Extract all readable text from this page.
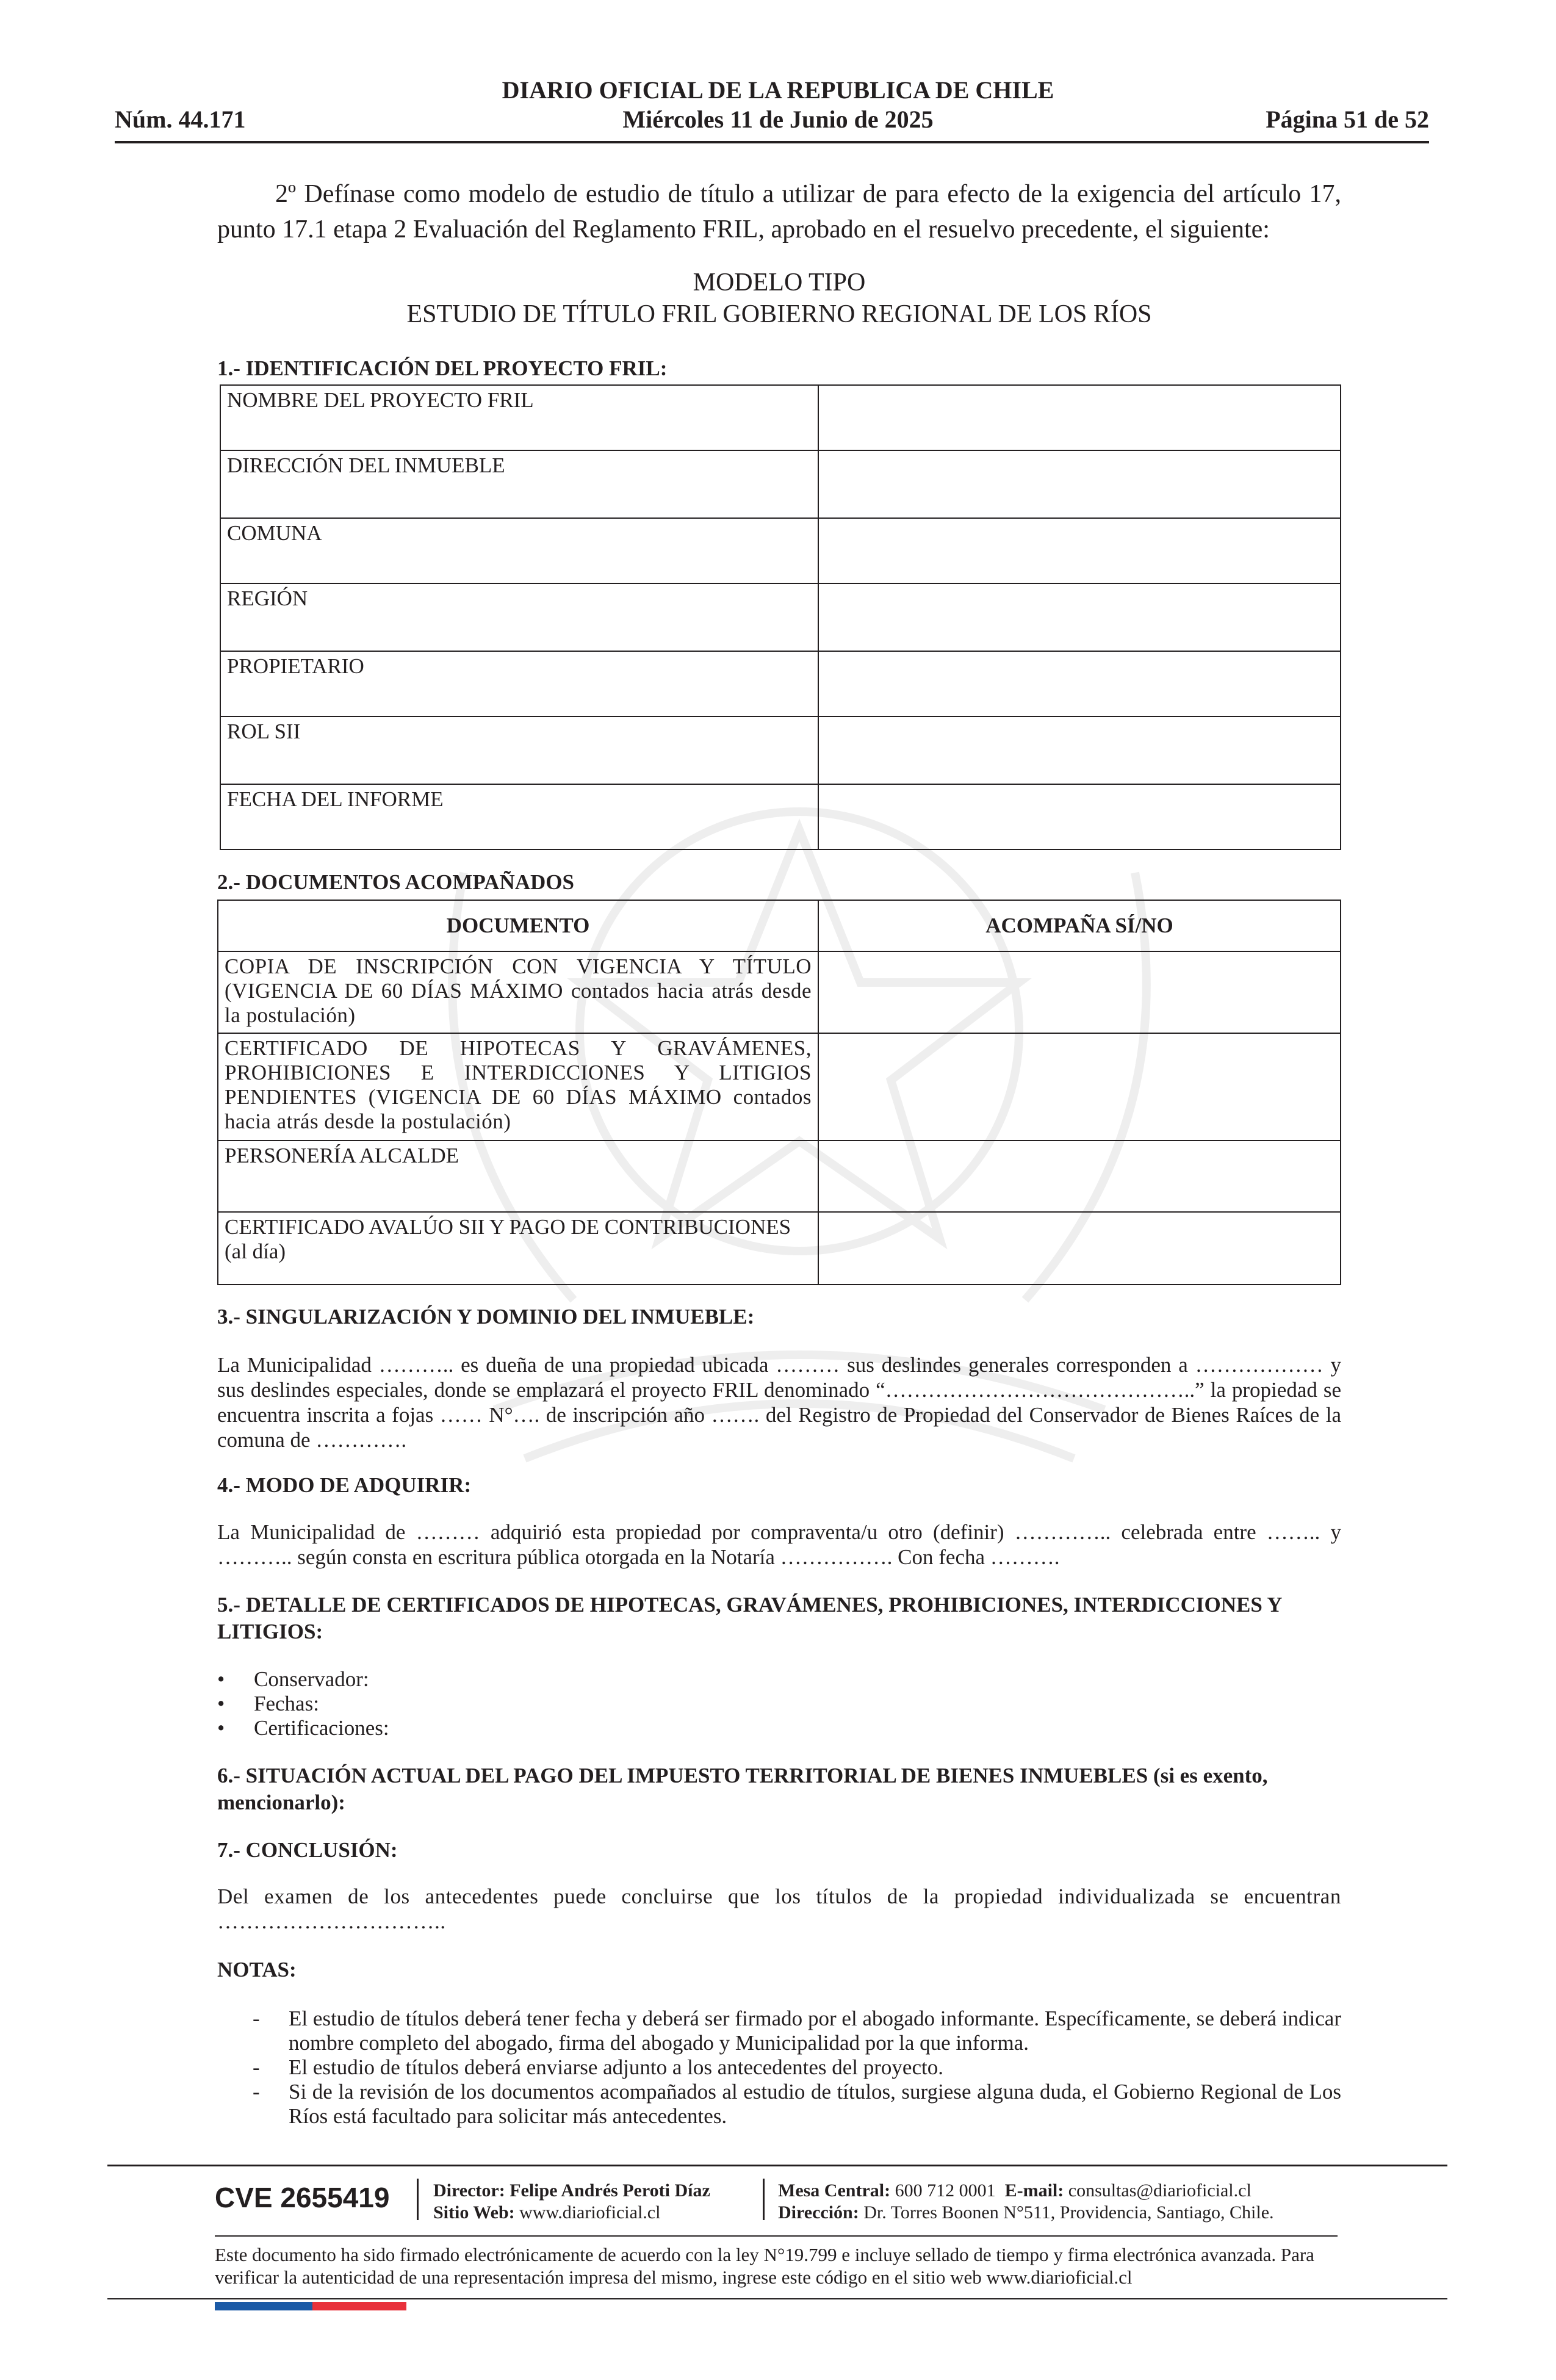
Núm. 44.171
DIARIO OFICIAL DE LA REPUBLICA DE CHILE
Miércoles 11 de Junio de 2025	Página 51 de 52
2º Defínase como modelo de estudio de título a utilizar de para efecto de la exigencia del artículo 17, punto 17.1 etapa 2 Evaluación del Reglamento FRIL, aprobado en el resuelvo precedente, el siguiente:
MODELO TIPO
ESTUDIO DE TÍTULO FRIL GOBIERNO REGIONAL DE LOS RÍOS
1.- IDENTIFICACIÓN DEL PROYECTO FRIL:
NOMBRE DEL PROYECTO FRIL	
DIRECCIÓN DEL INMUEBLE	
COMUNA	
REGIÓN	
PROPIETARIO	
ROL SII	
FECHA DEL INFORME	
2.- DOCUMENTOS ACOMPAÑADOS
DOCUMENTO	ACOMPAÑA SÍ/NO
COPIA DE INSCRIPCIÓN CON VIGENCIA Y TÍTULO (VIGENCIA DE 60 DÍAS MÁXIMO contados hacia atrás desde la postulación)	
CERTIFICADO DE HIPOTECAS Y GRAVÁMENES, PROHIBICIONES E INTERDICCIONES Y LITIGIOS PENDIENTES (VIGENCIA DE 60 DÍAS MÁXIMO contados hacia atrás desde la postulación)	
PERSONERÍA ALCALDE	
CERTIFICADO AVALÚO SII Y PAGO DE CONTRIBUCIONES (al día)	
3.- SINGULARIZACIÓN Y DOMINIO DEL INMUEBLE:
La Municipalidad ……….. es dueña de una propiedad ubicada ……… sus deslindes generales corresponden a ……………… y sus deslindes especiales, donde se emplazará el proyecto FRIL denominado “……………………………………..” la propiedad se encuentra inscrita a fojas …… N°…. de inscripción año ……. del Registro de Propiedad del Conservador de Bienes Raíces de la comuna de ………….
4.- MODO DE ADQUIRIR:
La Municipalidad de ……… adquirió esta propiedad por compraventa/u otro (definir) ………….. celebrada entre …….. y ……….. según consta en escritura pública otorgada en la Notaría ……………. Con fecha ……….
5.- DETALLE DE CERTIFICADOS DE HIPOTECAS, GRAVÁMENES, PROHIBICIONES, INTERDICCIONES Y LITIGIOS:
• Conservador:
• Fechas:
• Certificaciones:
6.- SITUACIÓN ACTUAL DEL PAGO DEL IMPUESTO TERRITORIAL DE BIENES INMUEBLES (si es exento, mencionarlo):
7.- CONCLUSIÓN:
Del examen de los antecedentes puede concluirse que los títulos de la propiedad individualizada se encuentran …………………………..
NOTAS:
- El estudio de títulos deberá tener fecha y deberá ser firmado por el abogado informante. Específicamente, se deberá indicar nombre completo del abogado, firma del abogado y Municipalidad por la que informa.
- El estudio de títulos deberá enviarse adjunto a los antecedentes del proyecto.
- Si de la revisión de los documentos acompañados al estudio de títulos, surgiese alguna duda, el Gobierno Regional de Los Ríos está facultado para solicitar más antecedentes.
CVE 2655419 Director: Felipe Andrés Peroti Díaz
Sitio Web: www.diarioficial.cl
Mesa Central: 600 712 0001 E-mail: consultas@diarioficial.cl
Dirección: Dr. Torres Boonen N°511, Providencia, Santiago, Chile.
Este documento ha sido firmado electrónicamente de acuerdo con la ley N°19.799 e incluye sellado de tiempo y firma electrónica avanzada. Para verificar la autenticidad de una representación impresa del mismo, ingrese este código en el sitio web www.diarioficial.cl
